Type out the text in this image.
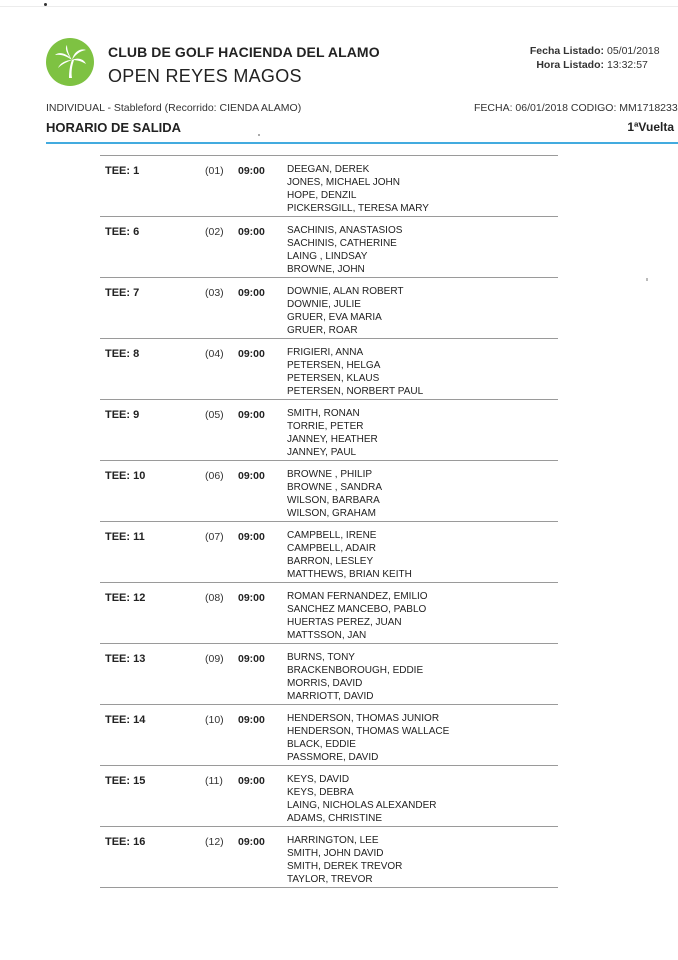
CLUB DE GOLF HACIENDA DEL ALAMO
OPEN REYES MAGOS
Fecha Listado: 05/01/2018
Hora Listado: 13:32:57
INDIVIDUAL - Stableford (Recorrido: CIENDA ALAMO)	FECHA: 06/01/2018 CODIGO: MM1718233
HORARIO DE SALIDA	1ªVuelta
TEE: 1	(01) 09:00 DEEGAN, DEREK
JONES, MICHAEL JOHN
HOPE, DENZIL
PICKERSGILL, TERESA MARY
TEE: 6	(02) 09:00 SACHINIS, ANASTASIOS
SACHINIS, CATHERINE
LAING , LINDSAY
BROWNE, JOHN
TEE: 7	(03) 09:00 DOWNIE, ALAN ROBERT
DOWNIE, JULIE
GRUER, EVA MARIA
GRUER, ROAR
TEE: 8	(04) 09:00 FRIGIERI, ANNA
PETERSEN, HELGA
PETERSEN, KLAUS
PETERSEN, NORBERT PAUL
TEE: 9	(05) 09:00 SMITH, RONAN
TORRIE, PETER
JANNEY, HEATHER
JANNEY, PAUL
TEE: 10	(06) 09:00 BROWNE , PHILIP
BROWNE , SANDRA
WILSON, BARBARA
WILSON, GRAHAM
TEE: 11	(07) 09:00 CAMPBELL, IRENE
CAMPBELL, ADAIR
BARRON, LESLEY
MATTHEWS, BRIAN KEITH
TEE: 12	(08) 09:00 ROMAN FERNANDEZ, EMILIO
SANCHEZ MANCEBO, PABLO
HUERTAS PEREZ, JUAN
MATTSSON, JAN
TEE: 13	(09) 09:00 BURNS, TONY
BRACKENBOROUGH, EDDIE
MORRIS, DAVID
MARRIOTT, DAVID
TEE: 14	(10) 09:00 HENDERSON, THOMAS JUNIOR
HENDERSON, THOMAS WALLACE
BLACK, EDDIE
PASSMORE, DAVID
TEE: 15	(11) 09:00 KEYS, DAVID
KEYS, DEBRA
LAING, NICHOLAS ALEXANDER
ADAMS, CHRISTINE
TEE: 16	(12) 09:00 HARRINGTON, LEE
SMITH, JOHN DAVID
SMITH, DEREK TREVOR
TAYLOR, TREVOR
